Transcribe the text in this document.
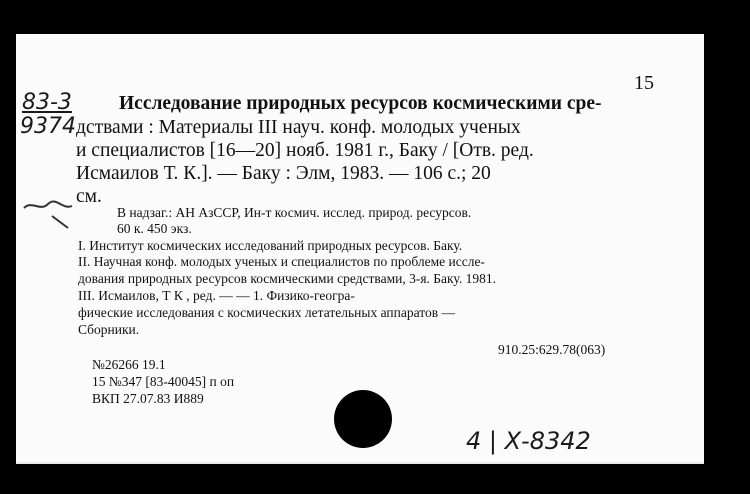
15
83-3
9374
Исследование природных ресурсов космическими сре-
дствами : Материалы III науч. конф. молодых ученых
и специалистов [16—20] нояб. 1981 г., Баку / [Отв. ред.
Исмаилов Т. К.]. — Баку : Элм, 1983. — 106 с.; 20
см.
В надзаг.: АН АзССР, Ин-т космич. исслед. природ. ресурсов.
60 к. 450 экз.
I. Институт космических исследований природных ресурсов. Баку.
II. Научная конф. молодых ученых и специалистов по проблеме иссле-
дования природных ресурсов космическими средствами, 3-я. Баку. 1981.
III. Исмаилов, Т К , ред. — — 1. Физико-геогра-
фические исследования с космических летательных аппаратов —
Сборники.
910.25:629.78(063)
№26266 19.1
15 №347 [83-40045] п оп
ВКП 27.07.83 И889
4 | Х-8342
